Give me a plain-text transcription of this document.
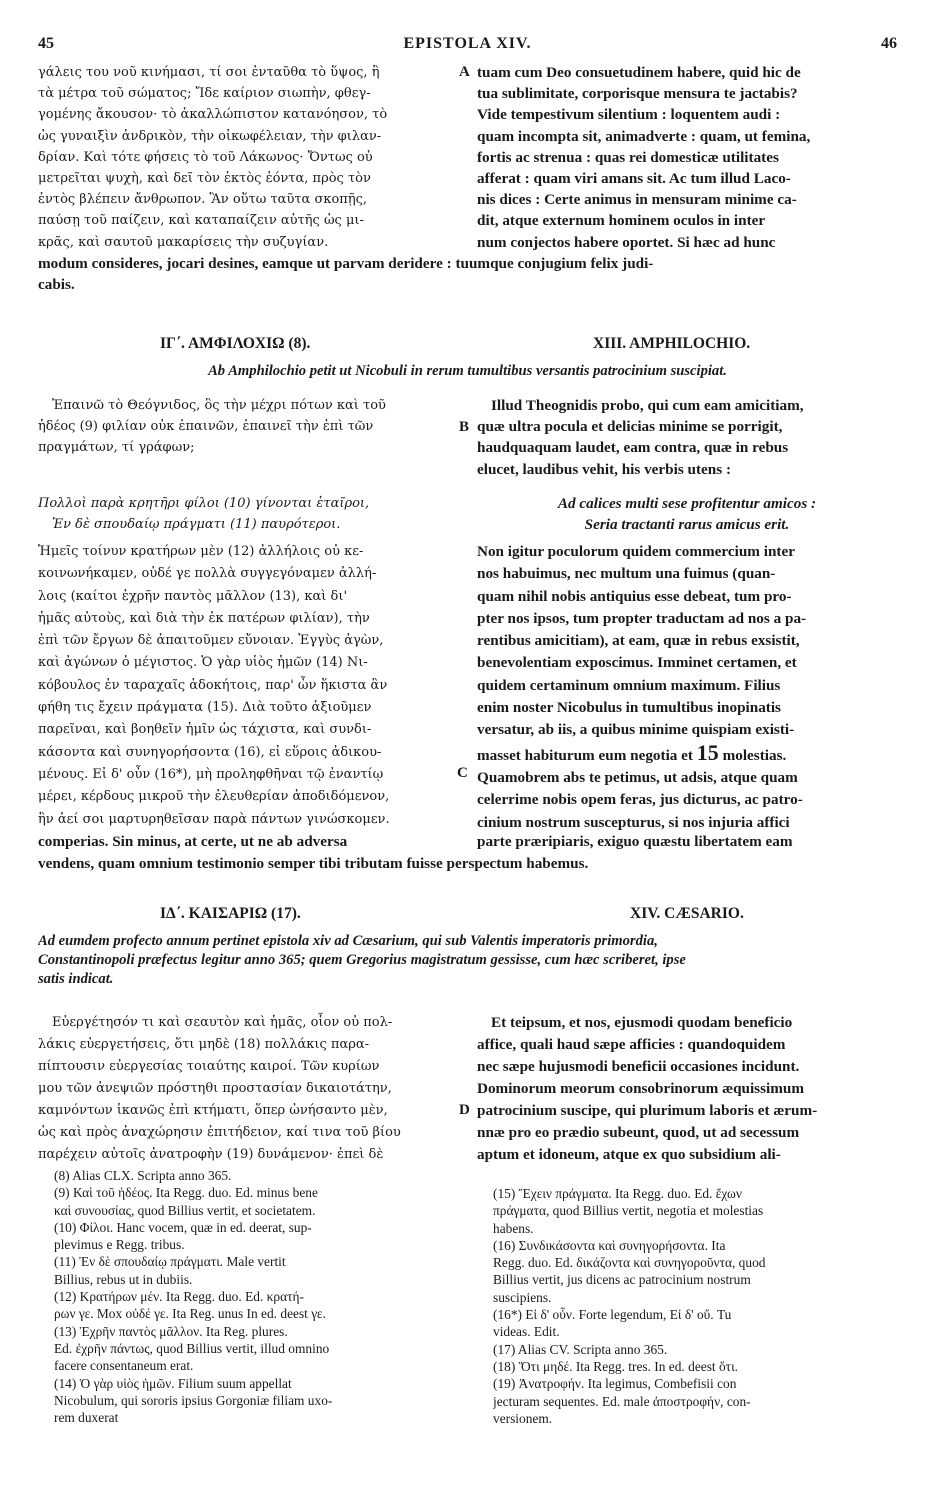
45	EPISTOLA XIV.	46
γάλεις του νοῦ κινήμασι, τί σοι ἐνταῦθα τὸ ὕψος, ἢ
τὰ μέτρα τοῦ σώματος; Ἴδε καίριον σιωπὴν, φθεγ-
γομένης ἄκουσον· τὸ ἀκαλλώπιστον κατανόησον, τὸ
ὡς γυναιξὶν ἀνδρικὸν, τὴν οἰκωφέλειαν, τὴν φιλαν-
δρίαν. Καὶ τότε φήσεις τὸ τοῦ Λάκωνος· Ὄντως οὐ
μετρεῖται ψυχὴ, καὶ δεῖ τὸν ἐκτὸς ἐόντα, πρὸς τὸν
ἐντὸς βλέπειν ἄνθρωπον. Ἂν οὕτω ταῦτα σκοπῇς,
παύσῃ τοῦ παίζειν, καὶ καταπαίζειν αὐτῆς ὡς μι-
κρᾶς, καὶ σαυτοῦ μακαρίσεις τὴν συζυγίαν.
A tuam cum Deo consuetudinem habere, quid hic de
tua sublimitate, corporisque mensura te jactabis?
Vide tempestivum silentium : loquentem audi :
quam incompta sit, animadverte : quam, ut femina,
fortis ac strenua : quas rei domesticæ utilitates
afferat : quam viri amans sit. Ac tum illud Laco-
nis dices : Certe animus in mensuram minime ca-
dit, atque externum hominem oculos in inter
num conjectos habere oportet. Si hæc ad hunc
modum consideres, jocari desines, eamque ut parvam deridere : tuumque conjugium felix judi-
cabis.
ΙΓ΄. ΑΜΦΙΛΟΧΙΩ (8).	XIII. AMPHILOCHIO.
Ab Amphilochio petit ut Nicobuli in rerum tumultibus versantis patrocinium suscipiat.
Ἐπαινῶ τὸ Θεόγνιδος, ὃς τὴν μέχρι πότων καὶ τοῦ
ἡδέος (9) φιλίαν οὐκ ἐπαινῶν, ἐπαινεῖ τὴν ἐπὶ τῶν
πραγμάτων, τί γράφων;
B
Illud Theognidis probo, qui cum eam amicitiam,
quæ ultra pocula et delicias minime se porrigit,
haudquaquam laudet, eam contra, quæ in rebus
elucet, laudibus vehit, his verbis utens :
Πολλοὶ παρὰ κρητῆρι φίλοι (10) γίνονται ἑταῖροι,
Ἐν δὲ σπουδαίῳ πράγματι (11) παυρότεροι.
Ad calices multi sese profitentur amicos :
Seria tractanti rarus amicus erit.
Ἡμεῖς τοίνυν κρατήρων μὲν (12) ἀλλήλοις οὐ κε-
κοινωνήκαμεν, οὐδέ γε πολλὰ συγγεγόναμεν ἀλλή-
λοις (καίτοι ἐχρῆν παντὸς μᾶλλον (13), καὶ δι'
ἡμᾶς αὐτοὺς, καὶ διὰ τὴν ἐκ πατέρων φιλίαν), τὴν
ἐπὶ τῶν ἔργων δὲ ἀπαιτοῦμεν εὔνοιαν. Ἐγγὺς ἀγὼν,
καὶ ἀγώνων ὁ μέγιστος. Ὁ γὰρ υἱὸς ἡμῶν (14) Νι-
κόβουλος ἐν ταραχαῖς ἀδοκήτοις, παρ' ὧν ἥκιστα ἂν
φήθη τις ἔχειν πράγματα (15). Διὰ τοῦτο ἀξιοῦμεν
παρεῖναι, καὶ βοηθεῖν ἡμῖν ὡς τάχιστα, καὶ συνδι-
κάσοντα καὶ συνηγορήσοντα (16), εἰ εὕροις ἀδικου-
μένους. Εἰ δ' οὖν (16*), μὴ προληφθῆναι τῷ ἐναντίῳ
μέρει, κέρδους μικροῦ τὴν ἐλευθερίαν ἀποδιδόμενον,
ἣν ἀεί σοι μαρτυρηθεῖσαν παρὰ πάντων γινώσκομεν.
C
Non igitur poculorum quidem commercium inter
nos habuimus, nec multum una fuimus (quan-
quam nihil nobis antiquius esse debeat, tum pro-
pter nos ipsos, tum propter traductam ad nos a pa-
rentibus amicitiam), at eam, quæ in rebus exsistit,
benevolentiam exposcimus. Imminet certamen, et
quidem certaminum omnium maximum. Filius
enim noster Nicobulus in tumultibus inopinatis
versatur, ab iis, a quibus minime quispiam existi-
masset habiturum eum negotia et 15 molestias.
Quamobrem abs te petimus, ut adsis, atque quam
celerrime nobis opem feras, jus dicturus, ac patro-
cinium nostrum suscepturus, si nos injuria affici
comperias. Sin minus, at certe, ut ne ab adversa	parte præripiaris, exiguo quæstu libertatem eam
vendens, quam omnium testimonio semper tibi tributam fuisse perspectum habemus.
ΙΔ΄. ΚΑΙΣΑΡΙΩ (17).	XIV. CÆSARIO.
Ad eumdem profecto annum pertinet epistola xiv ad Cæsarium, qui sub Valentis imperatoris primordia,
Constantinopoli præfectus legitur anno 365; quem Gregorius magistratum gessisse, cum hæc scriberet, ipse
satis indicat.
Εὐεργέτησόν τι καὶ σεαυτὸν καὶ ἡμᾶς, οἷον οὐ πολ-
λάκις εὐεργετήσεις, ὅτι μηδὲ (18) πολλάκις παρα-
πίπτουσιν εὐεργεσίας τοιαύτης καιροί. Τῶν κυρίων
μου τῶν ἀνεψιῶν πρόστηθι προστασίαν δικαιοτάτην,
καμνόντων ἱκανῶς ἐπὶ κτήματι, ὅπερ ὠνήσαντο μὲν,
ὡς καὶ πρὸς ἀναχώρησιν ἐπιτήδειον, καί τινα τοῦ βίου
παρέχειν αὐτοῖς ἀνατροφὴν (19) δυνάμενον· ἐπεὶ δὲ
D
Et teipsum, et nos, ejusmodi quodam beneficio
affice, quali haud sæpe afficies : quandoquidem
nec sæpe hujusmodi beneficii occasiones incidunt.
Dominorum meorum consobrinorum æquissimum
patrocinium suscipe, qui plurimum laboris et ærum-
nnæ pro eo prædio subeunt, quod, ut ad secessum
aptum et idoneum, atque ex quo subsidium ali-
(8) Alias CLX. Scripta anno 365.
(9) Καὶ τοῦ ἡδέος. Ita Regg. duo. Ed. minus bene
καὶ συνουσίας, quod Billius vertit, et societatem.
(10) Φίλοι. Hanc vocem, quæ in ed. deerat, sup-
plevimus e Regg. tribus.
(11) Ἐν δὲ σπουδαίῳ πράγματι. Male vertit
Billius, rebus ut in dubiis.
(12) Κρατήρων μέν. Ita Regg. duo. Ed. κρατή-
ρων γε. Mox οὐδέ γε. Ita Reg. unus In ed. deest γε.
(13) Ἐχρῆν παντὸς μᾶλλον. Ita Reg. plures.
Ed. ἐχρῆν πάντως, quod Billius vertit, illud omnino
facere consentaneum erat.
(14) Ὁ γὰρ υἱὸς ἡμῶν. Filium suum appellat
Nicobulum, qui sororis ipsius Gorgoniæ filiam uxo-
rem duxerat
(15) Ἔχειν πράγματα. Ita Regg. duo. Ed. ἔχων
πράγματα, quod Billius vertit, negotia et molestias
habens.
(16) Συνδικάσοντα καὶ συνηγορήσοντα. Ita
Regg. duo. Ed. δικάζοντα καὶ συνηγοροῦντα, quod
Billius vertit, jus dicens ac patrocinium nostrum
suscipiens.
(16*) Εἰ δ' οὖν. Forte legendum, Εἰ δ' οὔ. Tu
videas. Edit.
(17) Alias CV. Scripta anno 365.
(18) Ὅτι μηδέ. Ita Regg. tres. In ed. deest ὅτι.
(19) Ἀνατροφήν. Ita legimus, Combefisii con
jecturam sequentes. Ed. male ἀποστροφήν, con-
versionem.
